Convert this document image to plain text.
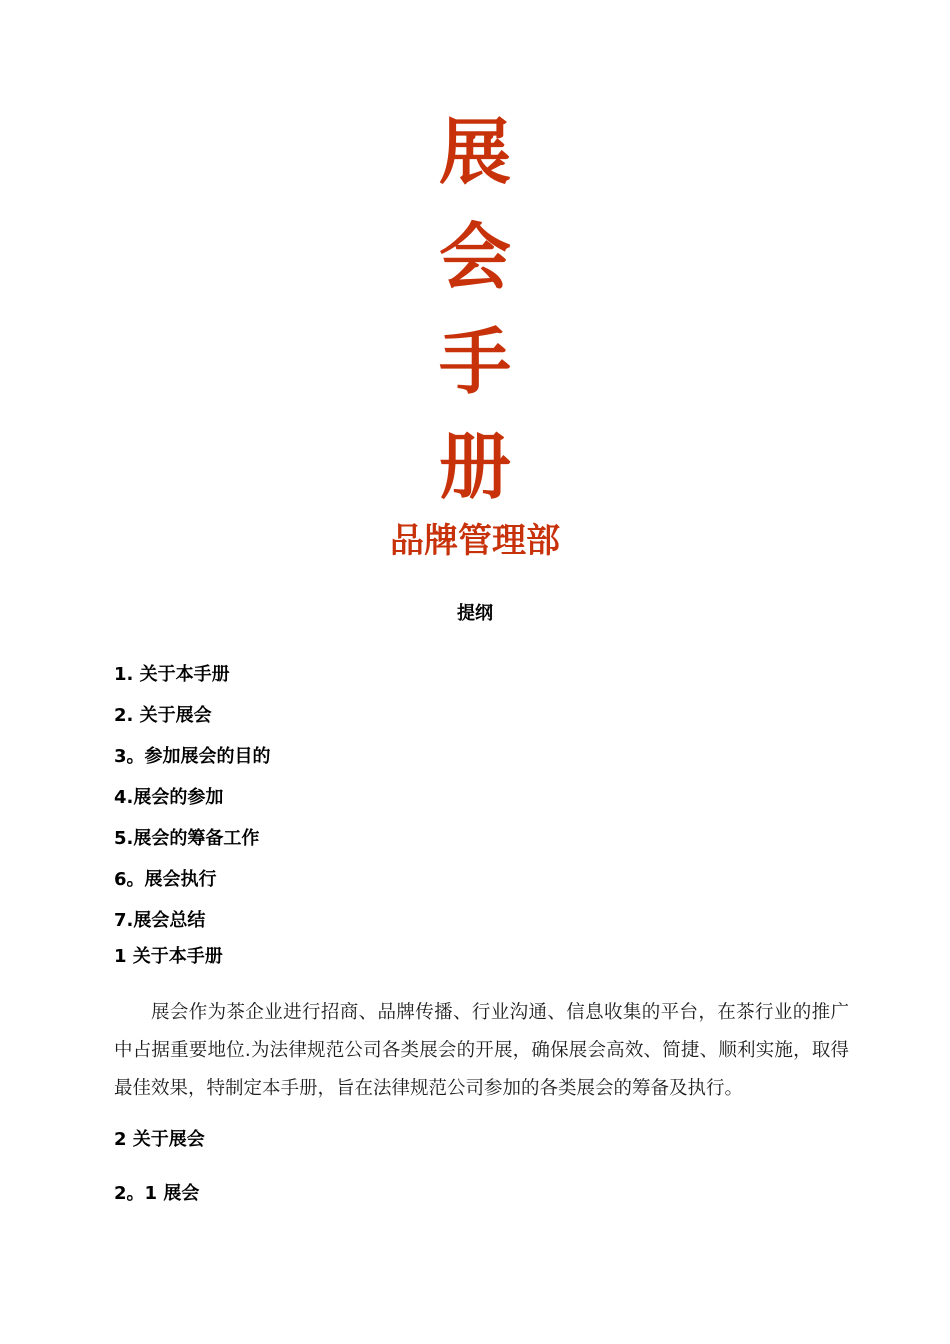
展
会
手
册
品牌管理部
提纲
1. 关于本手册
2. 关于展会
3。参加展会的目的
4.展会的参加
5.展会的筹备工作
6。展会执行
7.展会总结
1 关于本手册

展会作为茶企业进行招商、品牌传播、行业沟通、信息收集的平台，在茶行业的推广中占据重要地位.为法律规范公司各类展会的开展，确保展会高效、简捷、顺利实施，取得最佳效果，特制定本手册，旨在法律规范公司参加的各类展会的筹备及执行。

2 关于展会
2。1 展会
